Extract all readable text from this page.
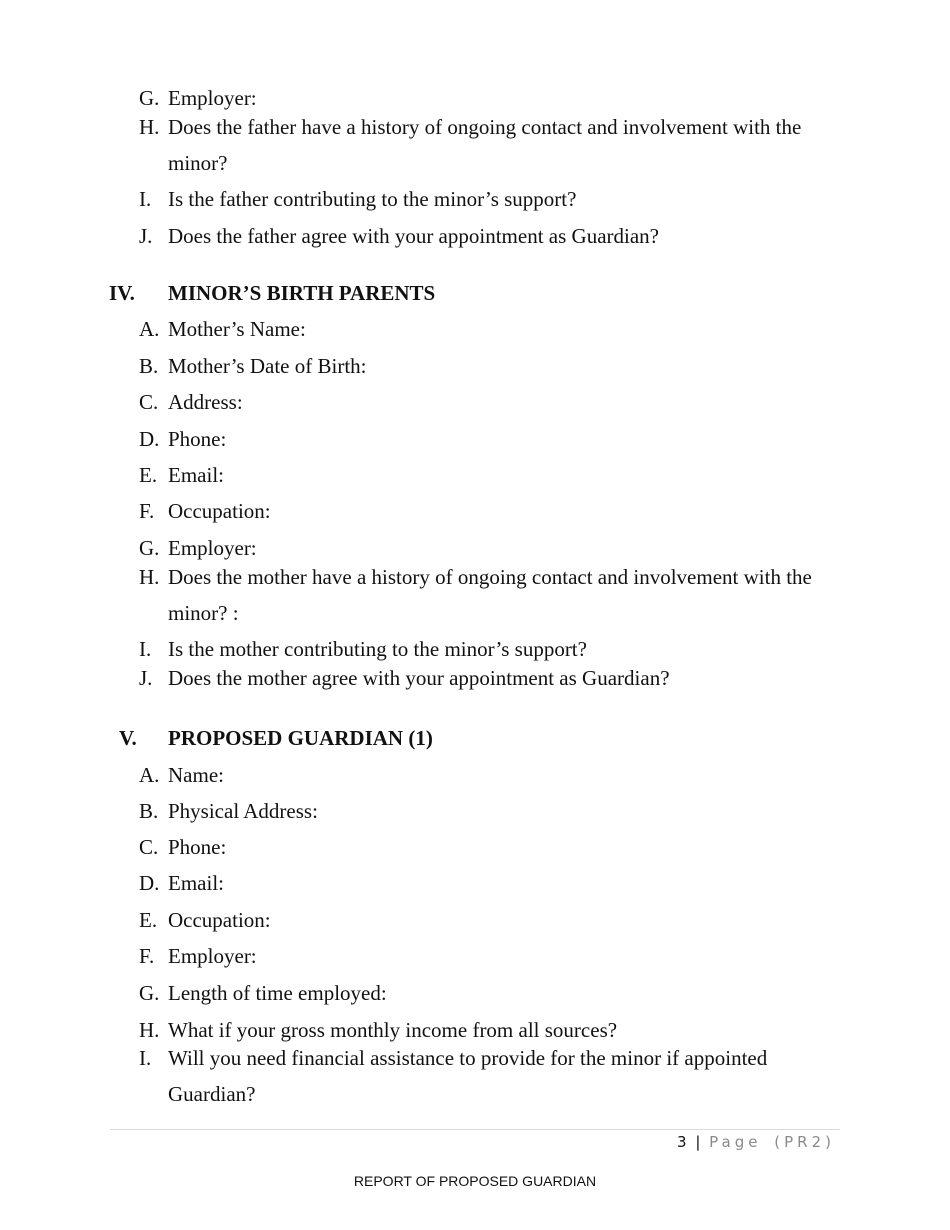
G. Employer:
H. Does the father have a history of ongoing contact and involvement with the
minor?
I. Is the father contributing to the minor’s support?
J. Does the father agree with your appointment as Guardian?
IV. MINOR’S BIRTH PARENTS
A. Mother’s Name:
B. Mother’s Date of Birth:
C. Address:
D. Phone:
E. Email:
F. Occupation:
G. Employer:
H. Does the mother have a history of ongoing contact and involvement with the
minor? :
I. Is the mother contributing to the minor’s support?
J. Does the mother agree with your appointment as Guardian?
V. PROPOSED GUARDIAN (1)
A. Name:
B. Physical Address:
C. Phone:
D. Email:
E. Occupation:
F. Employer:
G. Length of time employed:
H. What if your gross monthly income from all sources?
I. Will you need financial assistance to provide for the minor if appointed
Guardian?
3 | Page (PR2)
REPORT OF PROPOSED GUARDIAN
